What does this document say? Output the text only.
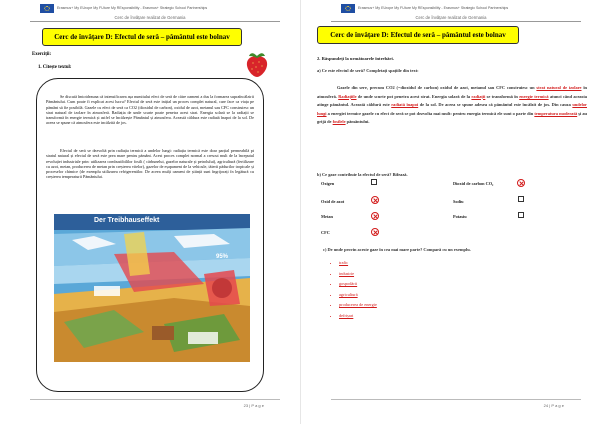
Erasmus+ My EUrope My FUture My REsponsibility - Erasmus+ Strategic School Partnerships
Cerc de învățare realizat de Germania
Cerc de învățare D: Efectul de seră – pământul este bolnav
Exerciții:
1. Citește textul:

Se discută îmtotdeauna că intensificarea așa numitului efect de seră de către oameni a dus la formarea supraîncălzirii Pământului. Cum poate fi explicat acest lucru? Efectul de seră este inițial un proces complet natural, care face ca viața pe pământ să fie posibilă. Gazele cu efect de seră ca CO2 (dioxidul de carbon), oxidul de azot, metanul sau CFC construiesc un strat natural de izolare în atmosferă. Radiația de unde scurte poate penetra acest strat. Energia solară se la radiații se transformă în energie termică și astfel se încălzește Pământul și atmosfera. Această căldura este radiată înapoi de la sol. De aceea se spune că atmosfera este incălzită de jos.

Efectul de seră se dezvoltă prin radiația termică a undelor lungi: radiația termică este doar parțial permeabilă pt stratul natural și efectul de seră este prea mare pentru pământ. Acest proces complet normal a crescut mult de la începutul revoluției industriale prin: utilizarea combustibililor fosili ( cărbunelui, gazelor naturale și petrolului), agricultură (fertilizare cu azot, metan, producerea de metan prin creșterea vitelor), gazelor de eșapament de la vehicule, tăierii pădurilor tropicale și proceselor chimice (de exemplu utilizarea refrigerentilor. De aceea mulți oameni de știință sunt îngrijorați în legătură cu creșterea temperaturii Pământului.

Der Treibhauseffekt
95%
23 | P a g e
Erasmus+ My EUrope My FUture My REsponsibility - Erasmus+ Strategic School Partnerships
Cerc de învățare realizat de Germania
Cerc de învățare D: Efectul de seră – pământul este bolnav
2. Răspundeți la următoarele întrebări.
a) Ce este efectul de seră? Completați spațiile din text:

Gazele din sere, precum CO2 (=dioxidul de carbon) oxidul de azot, metanul sau CFC construiesc un strat natural de izolare în atmosferă. Radiațiile de unde scurte pot penetra acest strat. Energia solară de la radiații se transformă în energie termică atunci când aceasta atinge pământul. Această căldură este radiată înapoi de la sol. De aceea se spune adesea că pământul este încălzit de jos. Din cauza undelor lungi a energiei termice gazele cu efect de seră se pot dezvolta mai mult: pentru energia termică ele sunt o parte din temperatura moderată și au grijă de fosilele pământului.

b) Ce gaze contribuie la efectul de seră? Bifează.
Oxigen	Dioxid de carbon CO₂
Oxid de azot	Sodiu
Metan	Potasiu
CFC
c) De unde provin aceste gaze în cea mai mare parte? Compară cu un exemplu.
• trafic
• industrie
• gospodării
• agricultură
• producerea de energie
• defrișari
24 | P a g e
